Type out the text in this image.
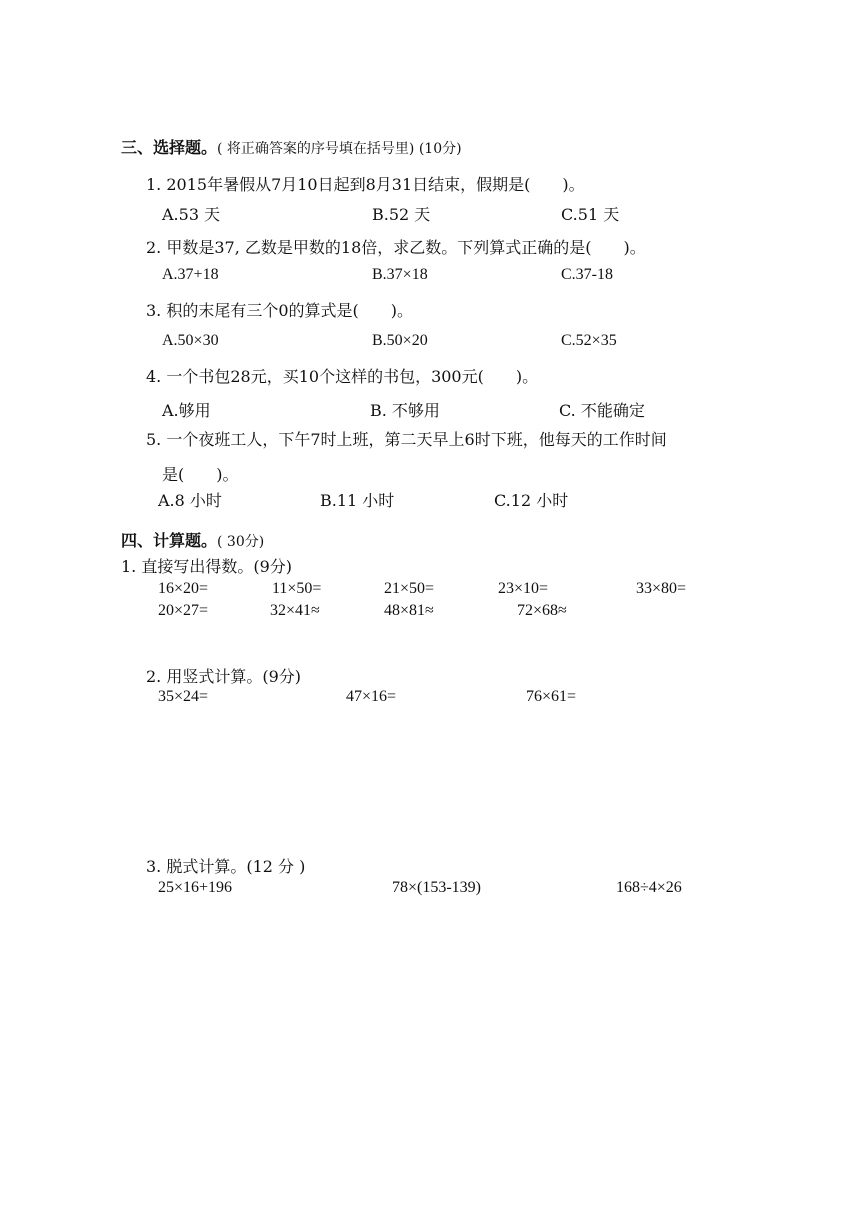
三、选择题。( 将正确答案的序号填在括号里) (10分)
1. 2015年暑假从7月10日起到8月31日结束，假期是(　　)。
A.53 天	B.52 天	C.51 天
2. 甲数是37, 乙数是甲数的18倍，求乙数。下列算式正确的是(　　)。
A.37+18	B.37×18	C.37-18
3. 积的末尾有三个0的算式是(　　)。
A.50×30	B.50×20	C.52×35
4. 一个书包28元，买10个这样的书包，300元(　　)。
A.够用	B. 不够用	C. 不能确定
5. 一个夜班工人，下午7时上班，第二天早上6时下班，他每天的工作时间
是(　　)。
A.8 小时	B.11 小时	C.12 小时
四、计算题。( 30分)
1. 直接写出得数。(9分)
16×20=	11×50=	21×50=	23×10=	33×80=
20×27=	32×41≈	48×81≈	72×68≈
2. 用竖式计算。(9分)
35×24=	47×16=	76×61=
3. 脱式计算。(12 分 )
25×16+196	78×(153-139)	168÷4×26
